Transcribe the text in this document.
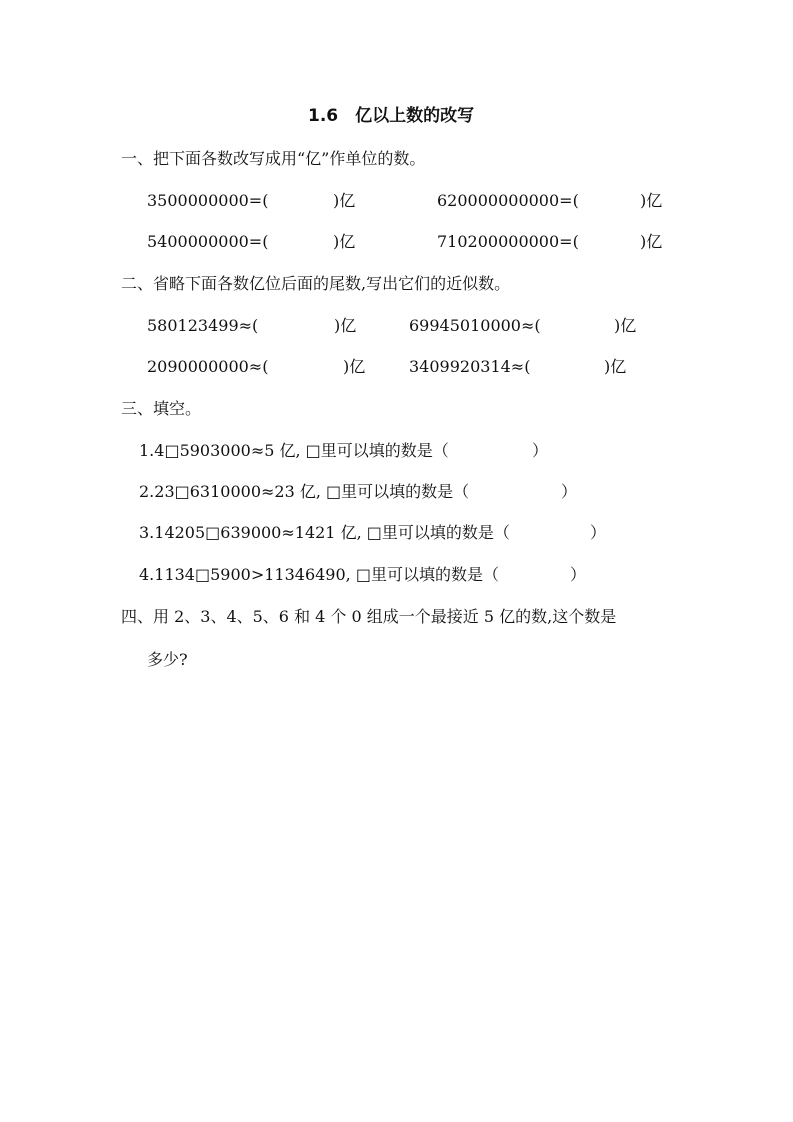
1.6　亿以上数的改写
一、把下面各数改写成用“亿”作单位的数。
3500000000=(	)亿	620000000000=(	)亿
5400000000=(	)亿	710200000000=(	)亿
二、省略下面各数亿位后面的尾数,写出它们的近似数。
580123499≈(	)亿	69945010000≈(	)亿
2090000000≈(	)亿	3409920314≈(	)亿
三、填空。
1.4□5903000≈5 亿, □里可以填的数是（	）
2.23□6310000≈23 亿, □里可以填的数是（	）
3.14205□639000≈1421 亿, □里可以填的数是（	）
4.1134□5900>11346490, □里可以填的数是（	）
四、用 2、3、4、5、6 和 4 个 0 组成一个最接近 5 亿的数,这个数是
多少?
